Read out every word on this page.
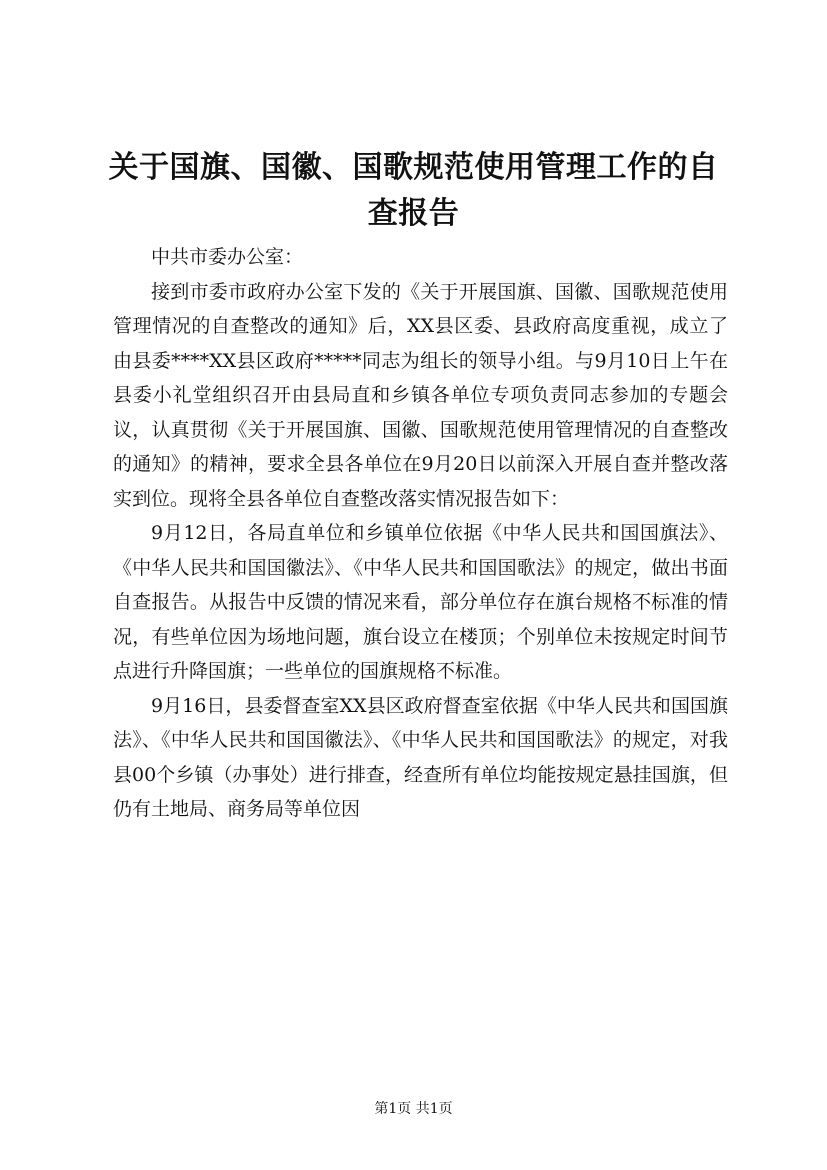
关于国旗、国徽、国歌规范使用管理工作的自查报告

中共市委办公室：

接到市委市政府办公室下发的《关于开展国旗、国徽、国歌规范使用管理情况的自查整改的通知》后，XX县区委、县政府高度重视，成立了由县委****XX县区政府*****同志为组长的领导小组。与9月10日上午在县委小礼堂组织召开由县局直和乡镇各单位专项负责同志参加的专题会议，认真贯彻《关于开展国旗、国徽、国歌规范使用管理情况的自查整改的通知》的精神，要求全县各单位在9月20日以前深入开展自查并整改落实到位。现将全县各单位自查整改落实情况报告如下：

9月12日，各局直单位和乡镇单位依据《中华人民共和国国旗法》、《中华人民共和国国徽法》、《中华人民共和国国歌法》的规定，做出书面自查报告。从报告中反馈的情况来看，部分单位存在旗台规格不标准的情况，有些单位因为场地问题，旗台设立在楼顶；个别单位未按规定时间节点进行升降国旗；一些单位的国旗规格不标准。

9月16日，县委督查室XX县区政府督查室依据《中华人民共和国国旗法》、《中华人民共和国国徽法》、《中华人民共和国国歌法》的规定，对我县00个乡镇（办事处）进行排查，经查所有单位均能按规定悬挂国旗，但仍有土地局、商务局等单位因

第1页 共1页
